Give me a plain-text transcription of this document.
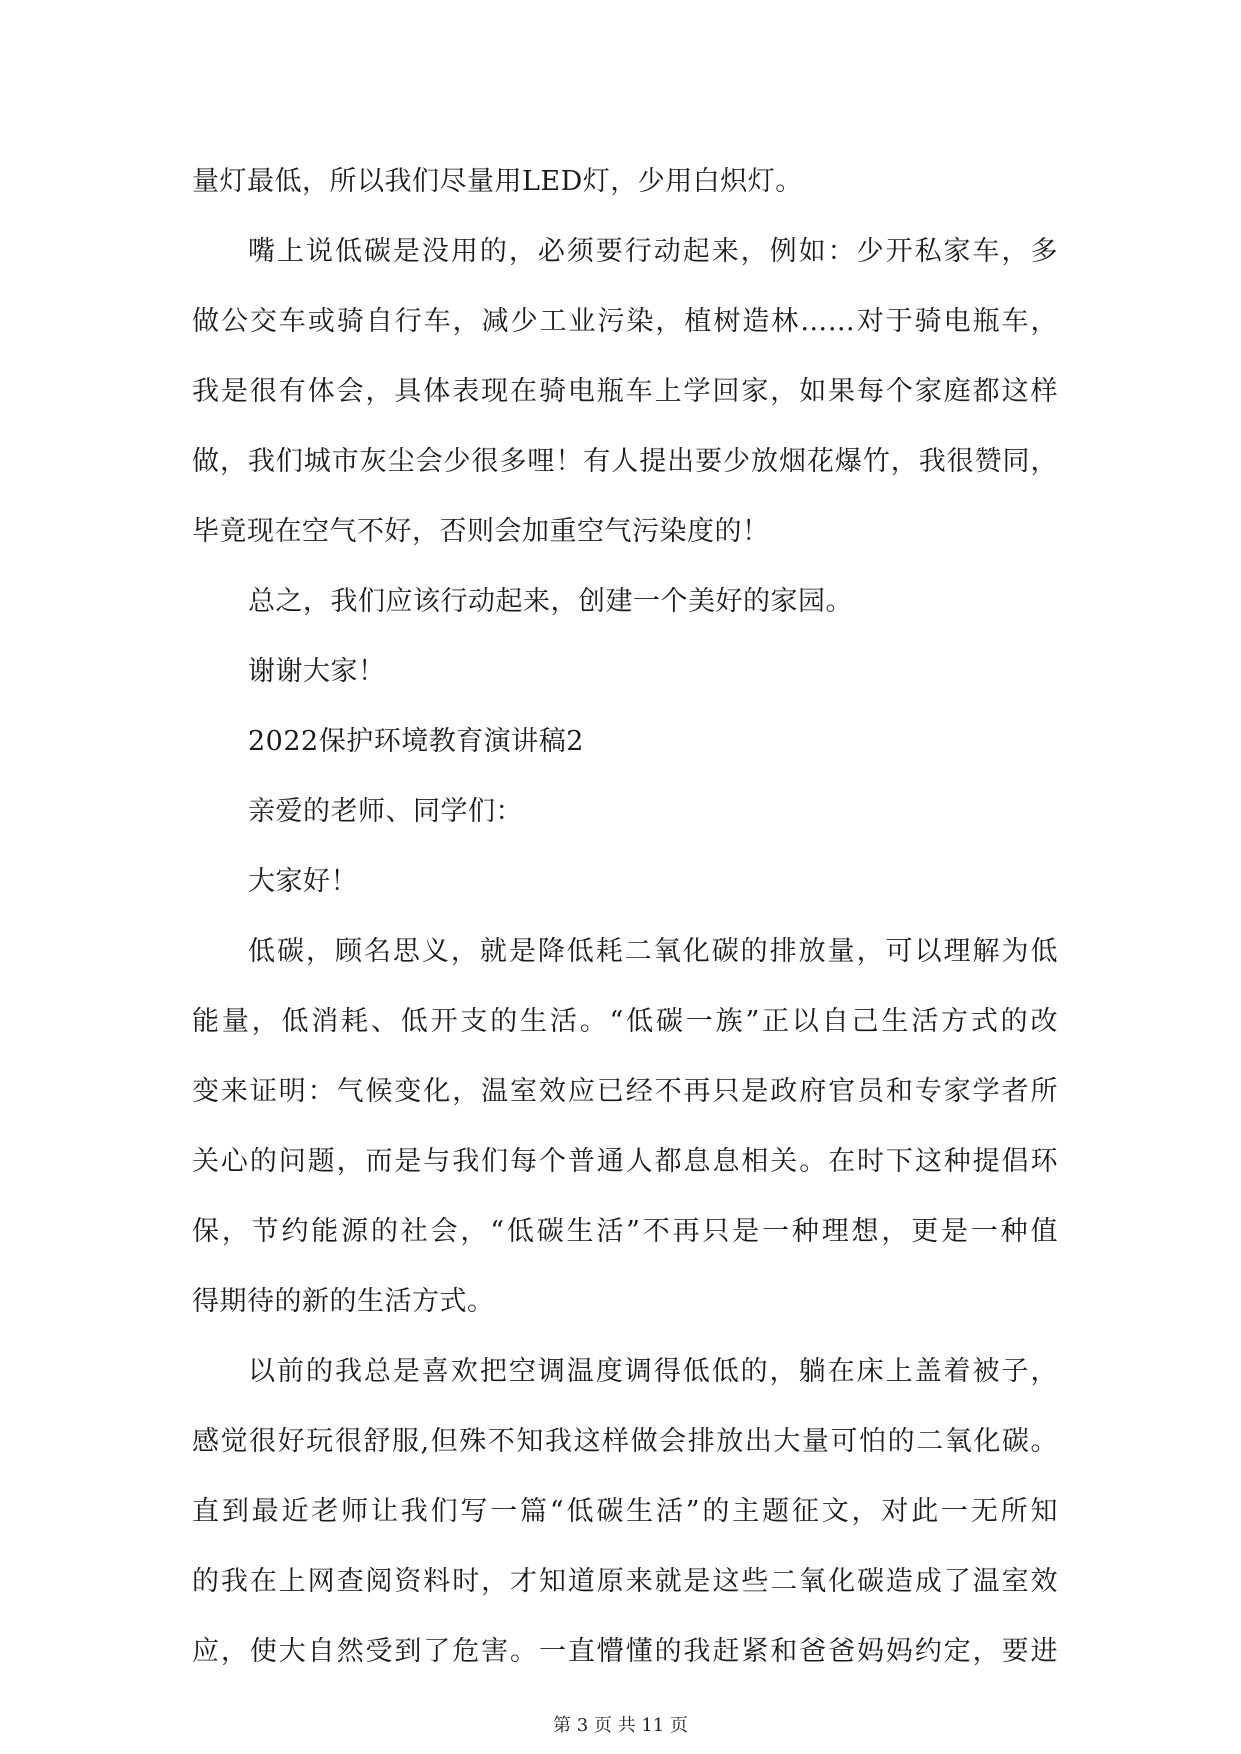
量灯最低，所以我们尽量用LED灯，少用白炽灯。
嘴上说低碳是没用的，必须要行动起来，例如：少开私家车，多
做公交车或骑自行车，减少工业污染，植树造林……对于骑电瓶车，
我是很有体会，具体表现在骑电瓶车上学回家，如果每个家庭都这样
做，我们城市灰尘会少很多哩！有人提出要少放烟花爆竹，我很赞同，
毕竟现在空气不好，否则会加重空气污染度的！
总之，我们应该行动起来，创建一个美好的家园。
谢谢大家！
2022保护环境教育演讲稿2
亲爱的老师、同学们：
大家好！
低碳，顾名思义，就是降低耗二氧化碳的排放量，可以理解为低
能量，低消耗、低开支的生活。“低碳一族”正以自己生活方式的改
变来证明：气候变化，温室效应已经不再只是政府官员和专家学者所
关心的问题，而是与我们每个普通人都息息相关。在时下这种提倡环
保，节约能源的社会，“低碳生活”不再只是一种理想，更是一种值
得期待的新的生活方式。
以前的我总是喜欢把空调温度调得低低的，躺在床上盖着被子，
感觉很好玩很舒服,但殊不知我这样做会排放出大量可怕的二氧化碳。
直到最近老师让我们写一篇“低碳生活”的主题征文，对此一无所知
的我在上网查阅资料时，才知道原来就是这些二氧化碳造成了温室效
应，使大自然受到了危害。一直懵懂的我赶紧和爸爸妈妈约定，要进
第 3 页 共 11 页
